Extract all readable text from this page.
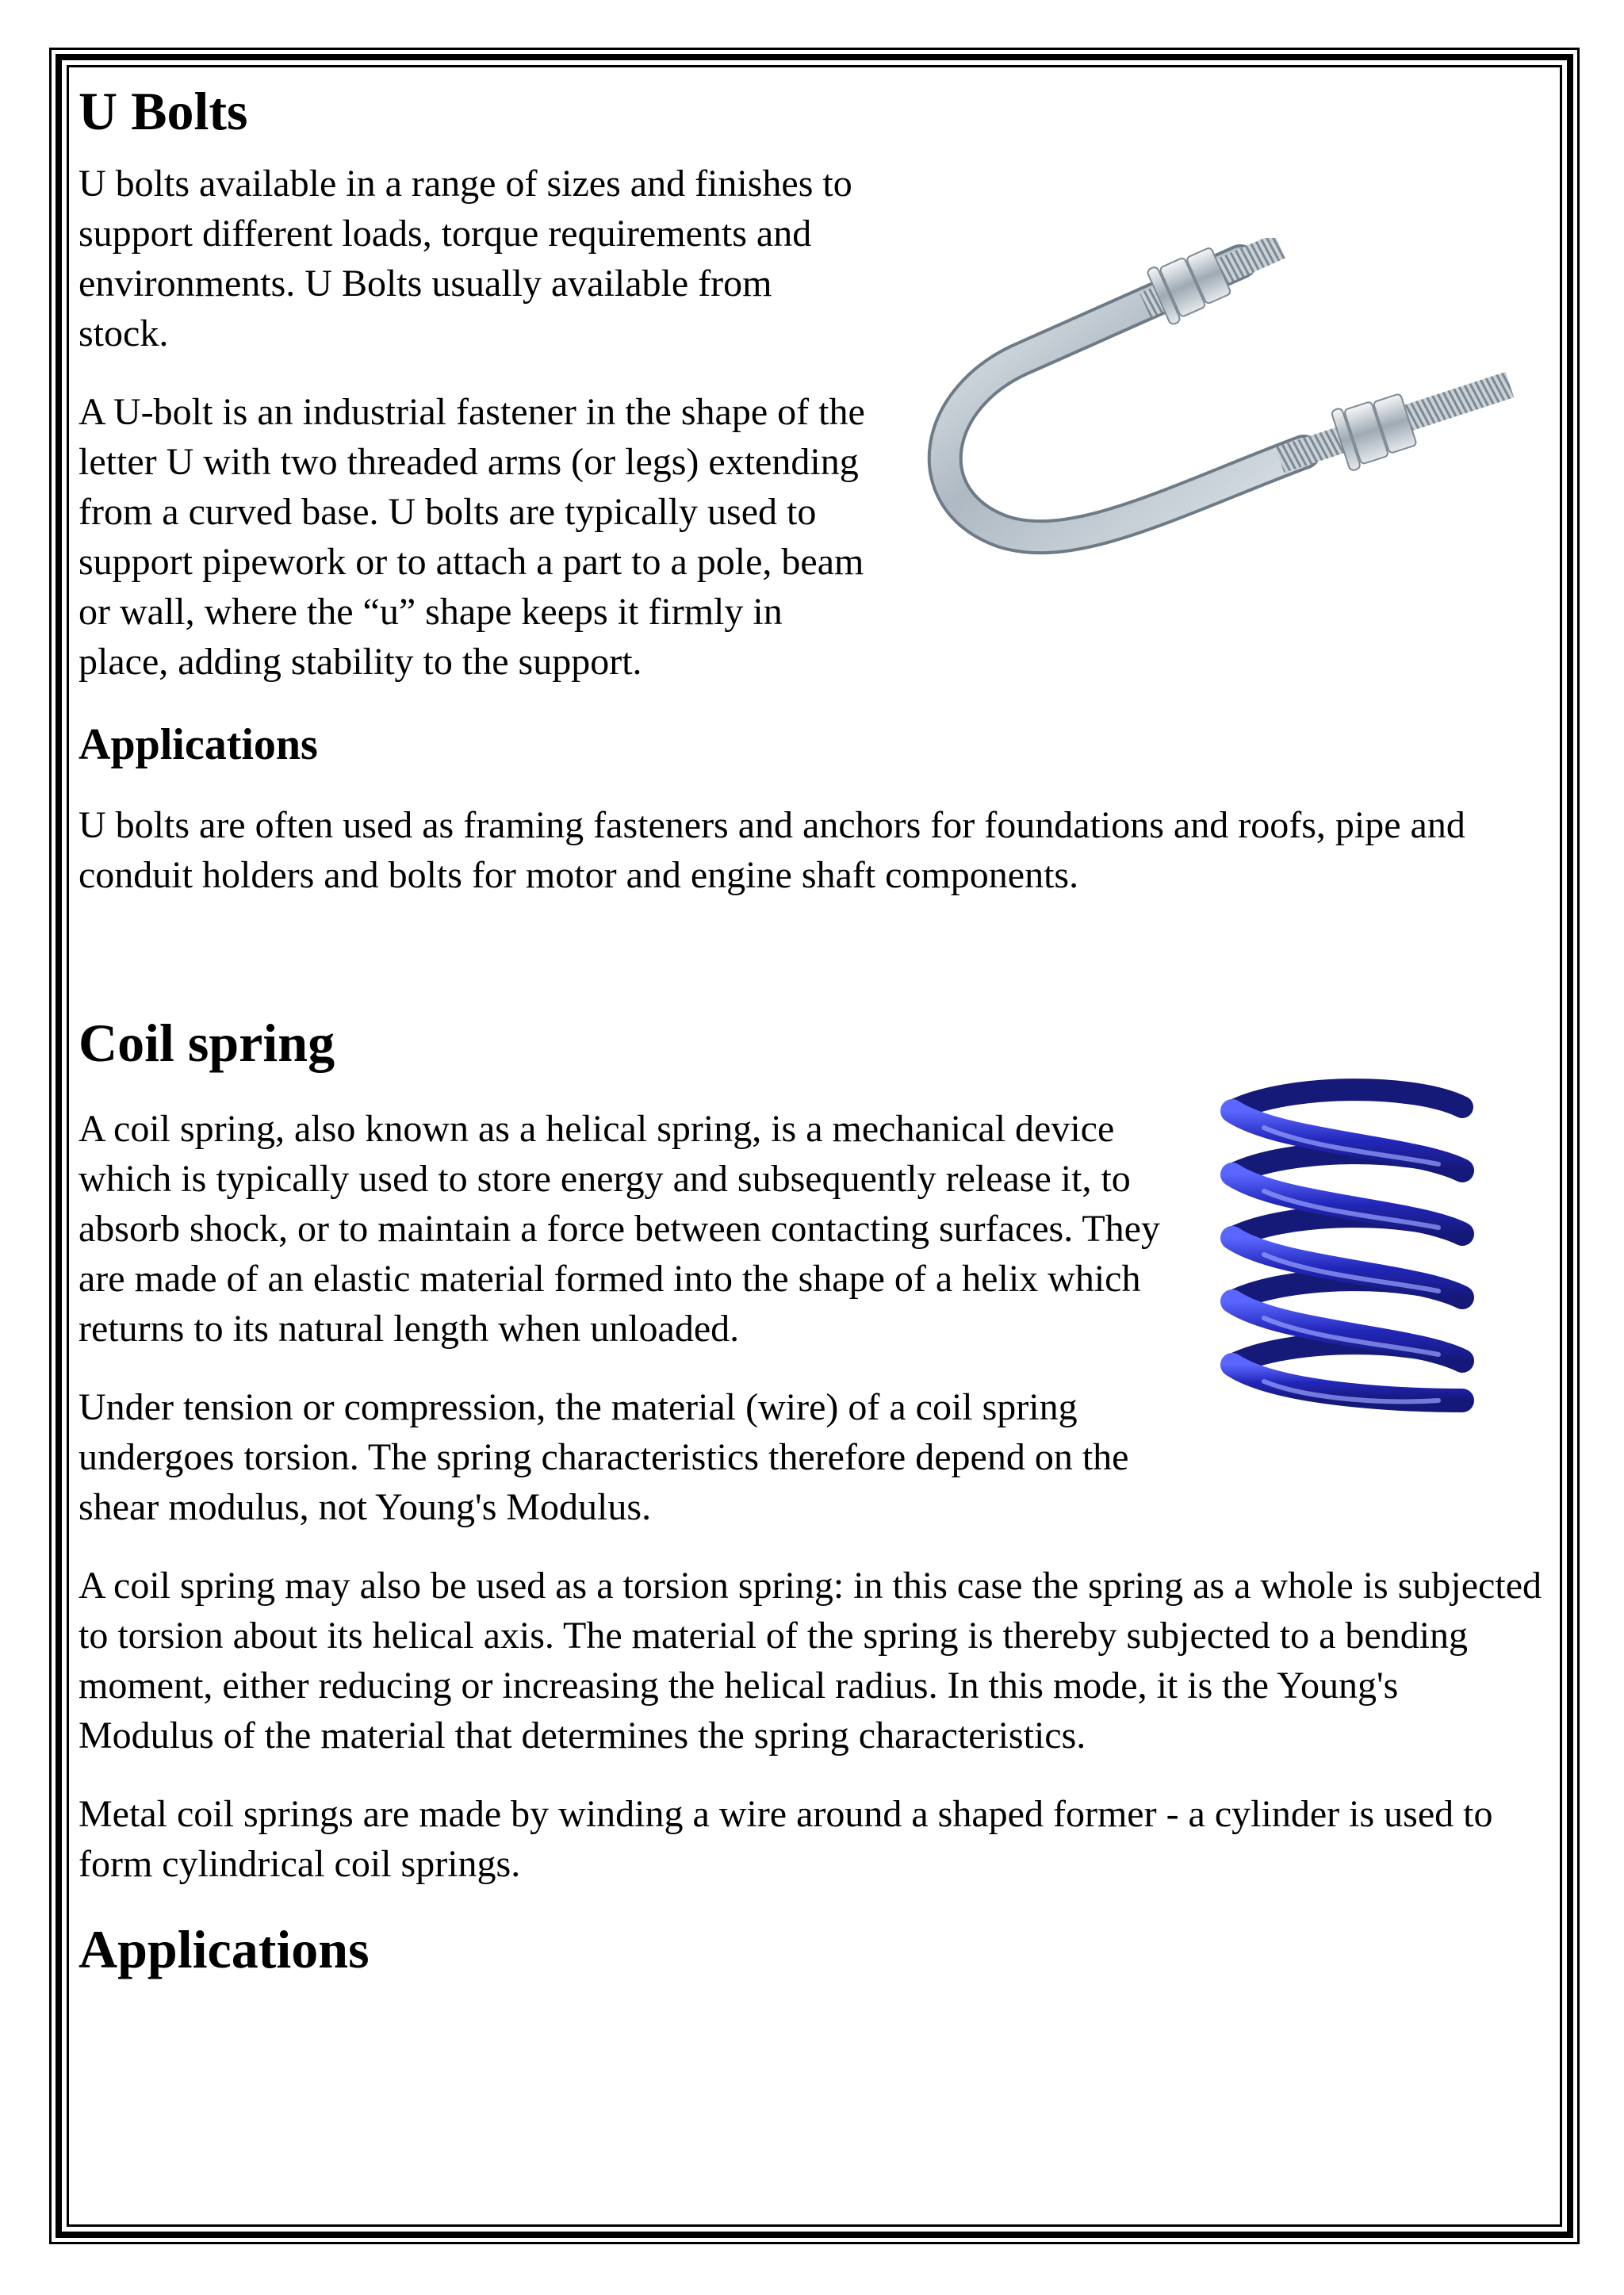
U Bolts

U bolts available in a range of sizes and finishes to support different loads, torque requirements and environments. U Bolts usually available from stock.

A U-bolt is an industrial fastener in the shape of the letter U with two threaded arms (or legs) extending from a curved base. U bolts are typically used to support pipework or to attach a part to a pole, beam or wall, where the “u” shape keeps it firmly in place, adding stability to the support.

Applications

U bolts are often used as framing fasteners and anchors for foundations and roofs, pipe and conduit holders and bolts for motor and engine shaft components.

Coil spring

A coil spring, also known as a helical spring, is a mechanical device which is typically used to store energy and subsequently release it, to absorb shock, or to maintain a force between contacting surfaces. They are made of an elastic material formed into the shape of a helix which returns to its natural length when unloaded.

Under tension or compression, the material (wire) of a coil spring undergoes torsion. The spring characteristics therefore depend on the shear modulus, not Young's Modulus.

A coil spring may also be used as a torsion spring: in this case the spring as a whole is subjected to torsion about its helical axis. The material of the spring is thereby subjected to a bending moment, either reducing or increasing the helical radius. In this mode, it is the Young's Modulus of the material that determines the spring characteristics.

Metal coil springs are made by winding a wire around a shaped former - a cylinder is used to form cylindrical coil springs.

Applications
